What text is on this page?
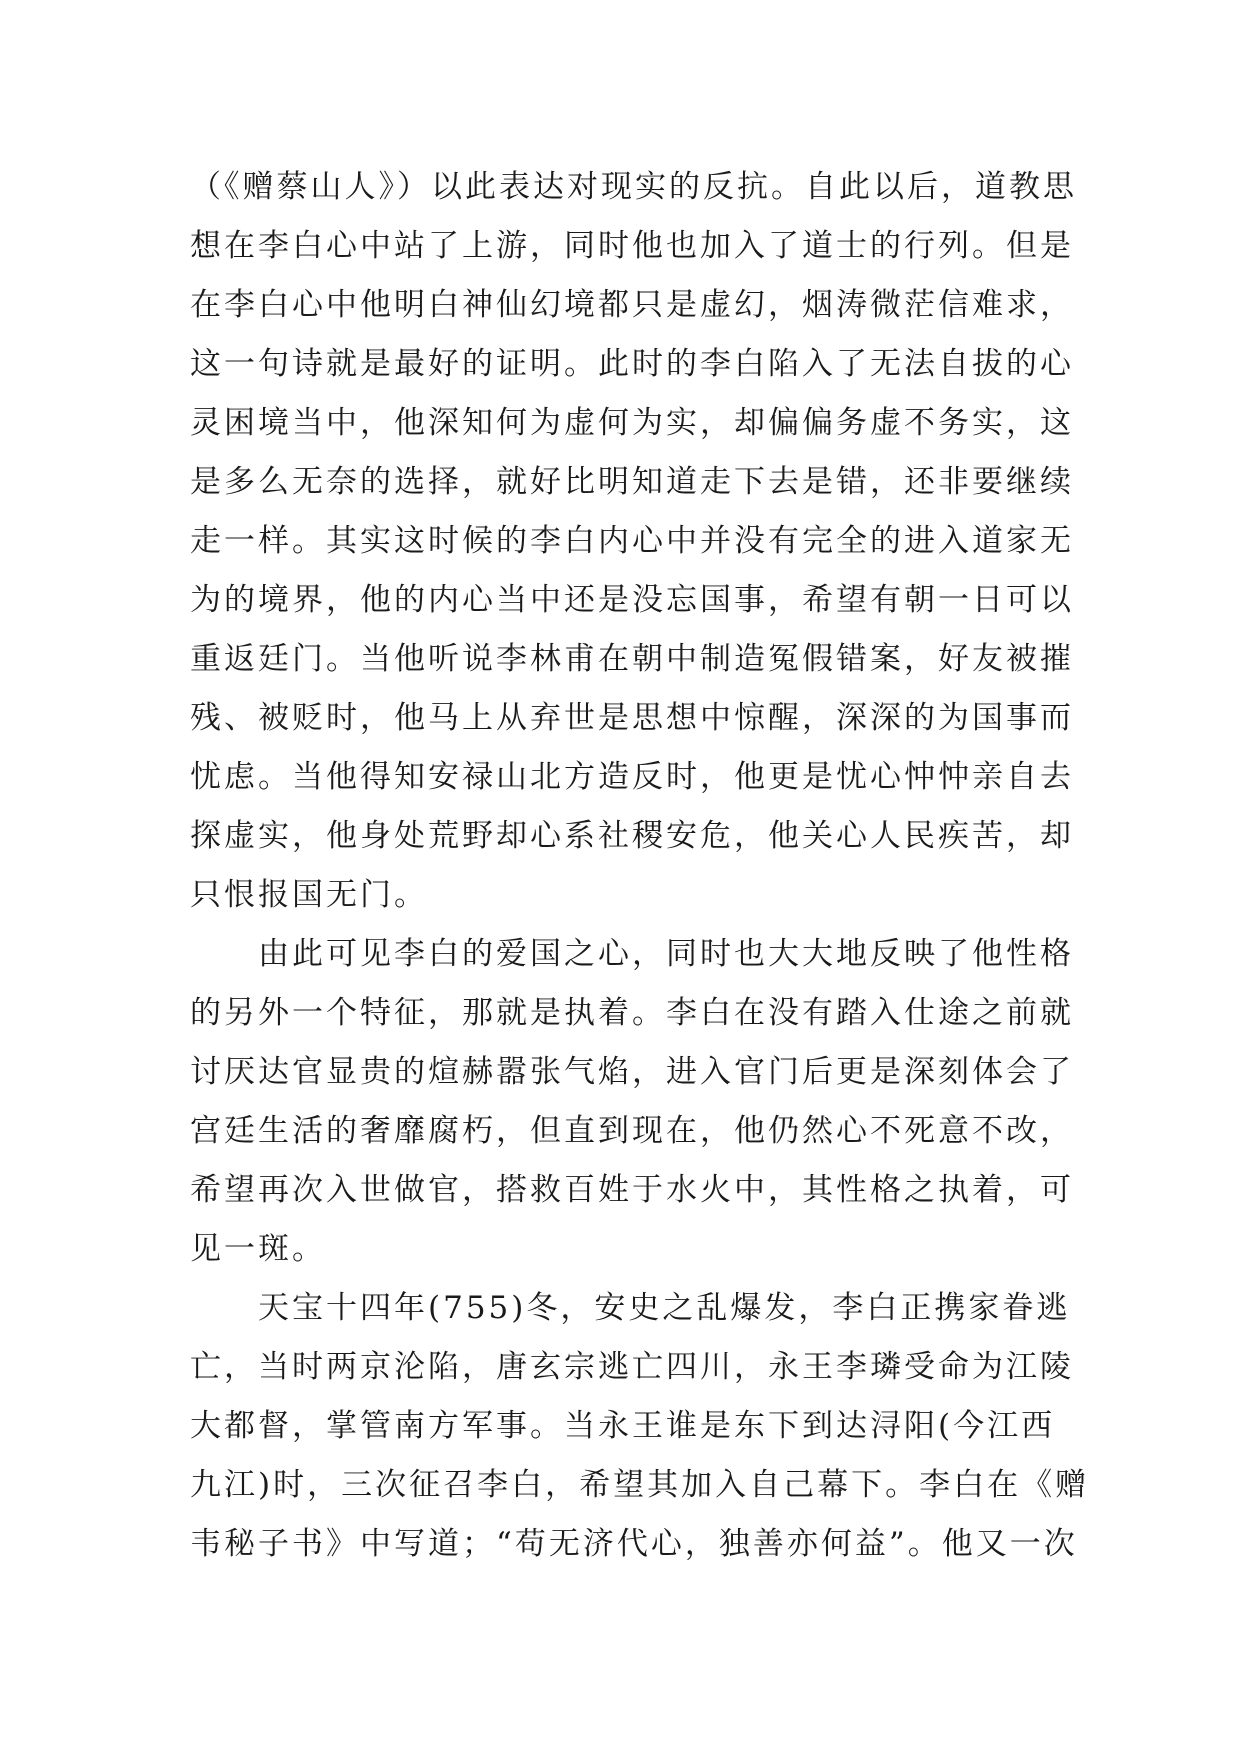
（《赠蔡山人》）以此表达对现实的反抗。自此以后，道教思
想在李白心中站了上游，同时他也加入了道士的行列。但是
在李白心中他明白神仙幻境都只是虚幻，烟涛微茫信难求，
这一句诗就是最好的证明。此时的李白陷入了无法自拔的心
灵困境当中，他深知何为虚何为实，却偏偏务虚不务实，这
是多么无奈的选择，就好比明知道走下去是错，还非要继续
走一样。其实这时候的李白内心中并没有完全的进入道家无
为的境界，他的内心当中还是没忘国事，希望有朝一日可以
重返廷门。当他听说李林甫在朝中制造冤假错案，好友被摧
残、被贬时，他马上从弃世是思想中惊醒，深深的为国事而
忧虑。当他得知安禄山北方造反时，他更是忧心忡忡亲自去
探虚实，他身处荒野却心系社稷安危，他关心人民疾苦，却
只恨报国无门。
　　由此可见李白的爱国之心，同时也大大地反映了他性格
的另外一个特征，那就是执着。李白在没有踏入仕途之前就
讨厌达官显贵的煊赫嚣张气焰，进入官门后更是深刻体会了
宫廷生活的奢靡腐朽，但直到现在，他仍然心不死意不改，
希望再次入世做官，搭救百姓于水火中，其性格之执着，可
见一斑。
　　天宝十四年(755)冬，安史之乱爆发，李白正携家眷逃
亡，当时两京沦陷，唐玄宗逃亡四川，永王李璘受命为江陵
大都督，掌管南方军事。当永王谁是东下到达浔阳(今江西
九江)时，三次征召李白，希望其加入自己幕下。李白在《赠
韦秘子书》中写道；“苟无济代心，独善亦何益”。他又一次
